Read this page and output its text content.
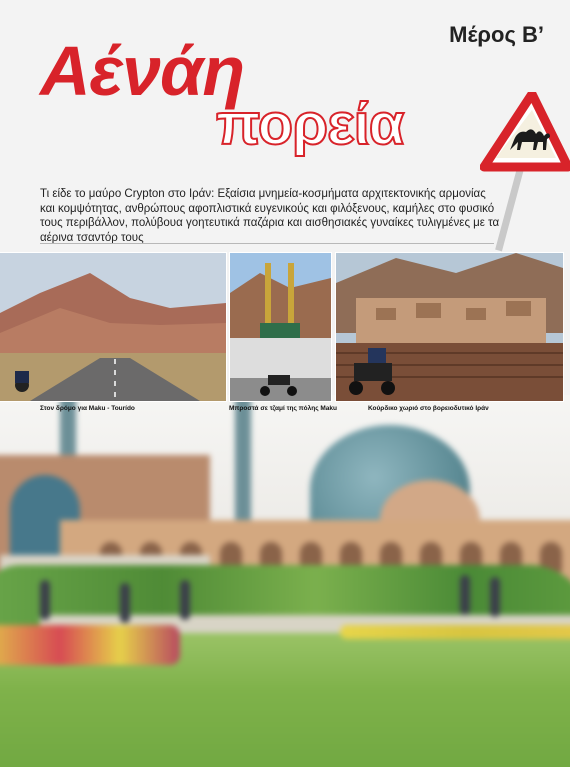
Μέρος Β’
Αένάη
πορεία
Τι είδε το μαύρο Crypton στο Ιράν: Εξαίσια μνημεία-κοσμήματα αρχιτεκτονικής αρμονίας και κομψότητας, ανθρώπους αφοπλιστικά ευγενικούς και φιλόξενους, καμήλες στο φυσικό τους περιβάλλον, πολύβουα γοητευτικά παζάρια και αισθησιακές γυναίκες τυλιγμένες με τα αέρινα τσαντόρ τους
Στον δρόμο για Maku - Tourído	Μπροστά σε τζαμί της πόλης Maku	Κούρδικο χωριό στο βορειοδυτικό Ιράν
